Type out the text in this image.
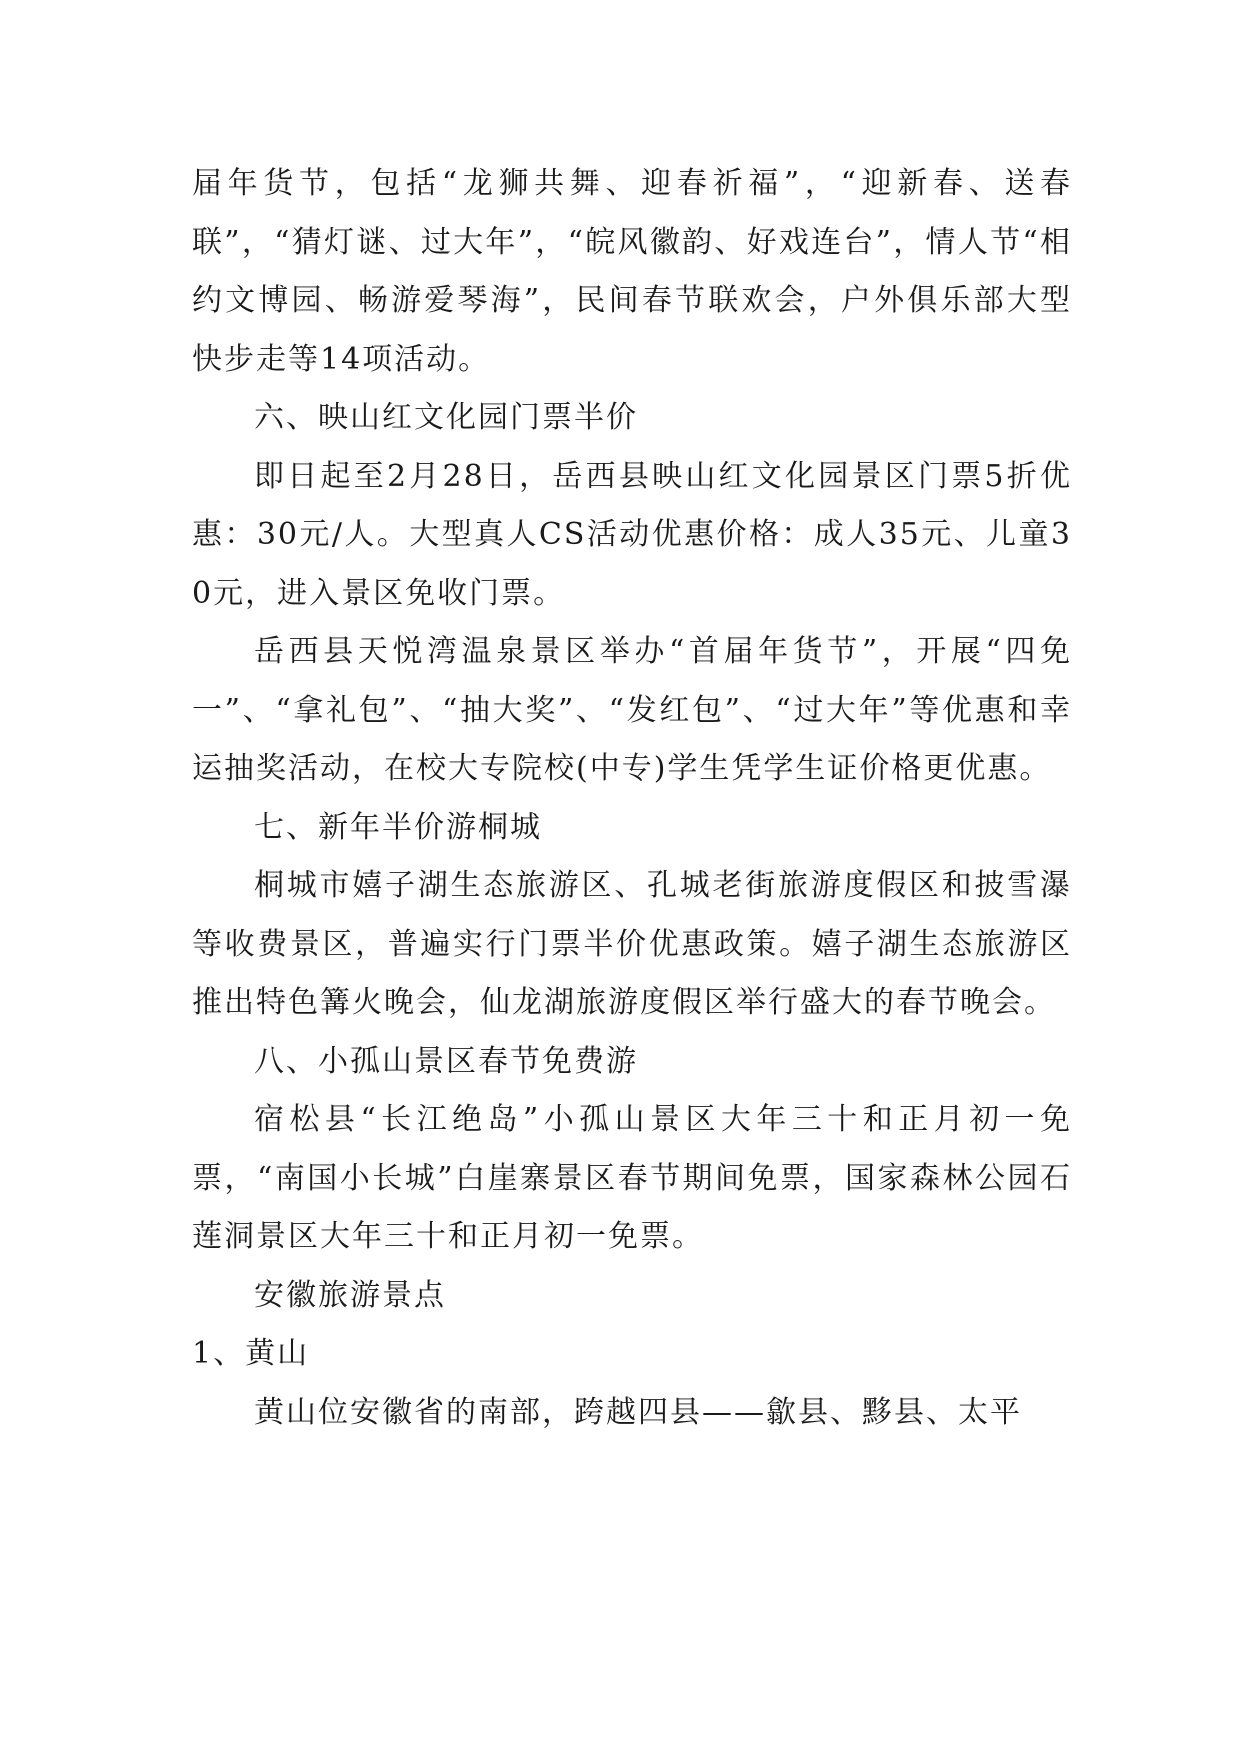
届年货节，包括“龙狮共舞、迎春祈福”，“迎新春、送春联”，“猜灯谜、过大年”，“皖风徽韵、好戏连台”，情人节“相约文博园、畅游爱琴海”，民间春节联欢会，户外俱乐部大型快步走等14项活动。

六、映山红文化园门票半价

即日起至2月28日，岳西县映山红文化园景区门票5折优惠：30元/人。大型真人CS活动优惠价格：成人35元、儿童30元，进入景区免收门票。

岳西县天悦湾温泉景区举办“首届年货节”，开展“四免一”、“拿礼包”、“抽大奖”、“发红包”、“过大年”等优惠和幸运抽奖活动，在校大专院校(中专)学生凭学生证价格更优惠。

七、新年半价游桐城

桐城市嬉子湖生态旅游区、孔城老街旅游度假区和披雪瀑等收费景区，普遍实行门票半价优惠政策。嬉子湖生态旅游区推出特色篝火晚会，仙龙湖旅游度假区举行盛大的春节晚会。

八、小孤山景区春节免费游

宿松县“长江绝岛”小孤山景区大年三十和正月初一免票，“南国小长城”白崖寨景区春节期间免票，国家森林公园石莲洞景区大年三十和正月初一免票。

安徽旅游景点

1、黄山

黄山位安徽省的南部，跨越四县——歙县、黟县、太平
